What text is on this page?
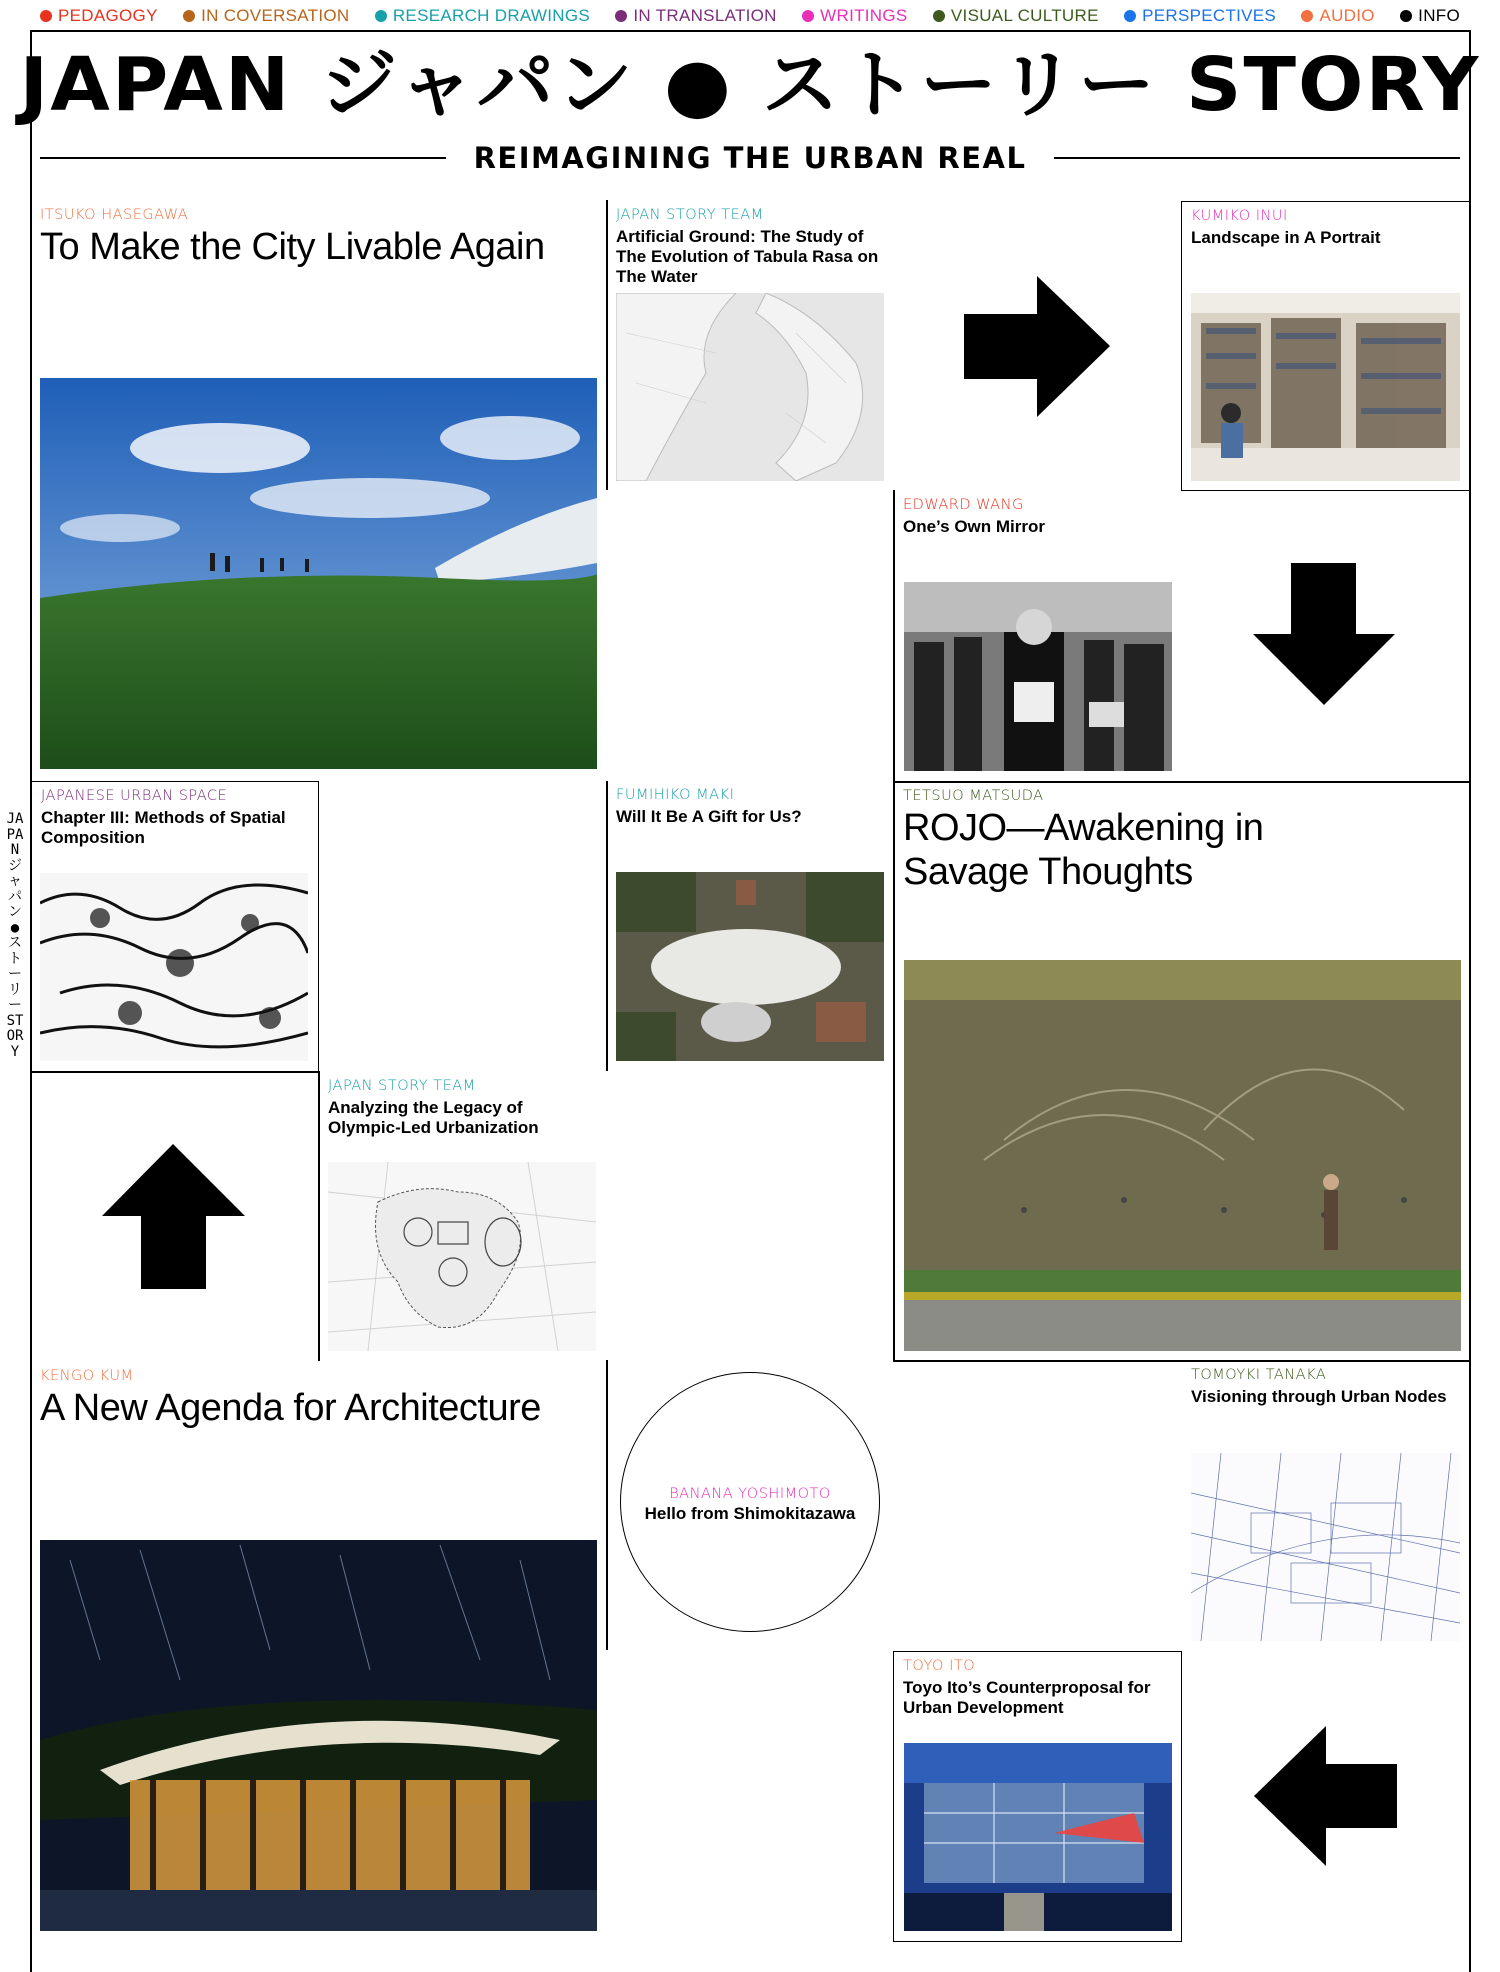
PEDAGOGY	IN COVERSATION	RESEARCH DRAWINGS	IN TRANSLATION	WRITINGS	VISUAL CULTURE	PERSPECTIVES	AUDIO	INFO
JAPAN ジャパン ● ストーリー STORY
JAPAN ジャパン ● ストーリー STORY
REIMAGINING THE URBAN REAL
ITSUKO HASEGAWA
To Make the City Livable Again
JAPAN STORY TEAM
Artificial Ground: The Study of The Evolution of Tabula Rasa on The Water
KUMIKO INUI
Landscape in A Portrait
EDWARD WANG
One’s Own Mirror
JAPANESE URBAN SPACE
Chapter III: Methods of Spatial Composition
FUMIHIKO MAKI
Will It Be A Gift for Us?
TETSUO MATSUDA
ROJO—Awakening in Savage Thoughts
JAPAN STORY TEAM
Analyzing the Legacy of Olympic-Led Urbanization
KENGO KUM
A New Agenda for Architecture
BANANA YOSHIMOTO
Hello from Shimokitazawa
TOMOYKI TANAKA
Visioning through Urban Nodes
TOYO ITO
Toyo Ito’s Counterproposal for Urban Development
